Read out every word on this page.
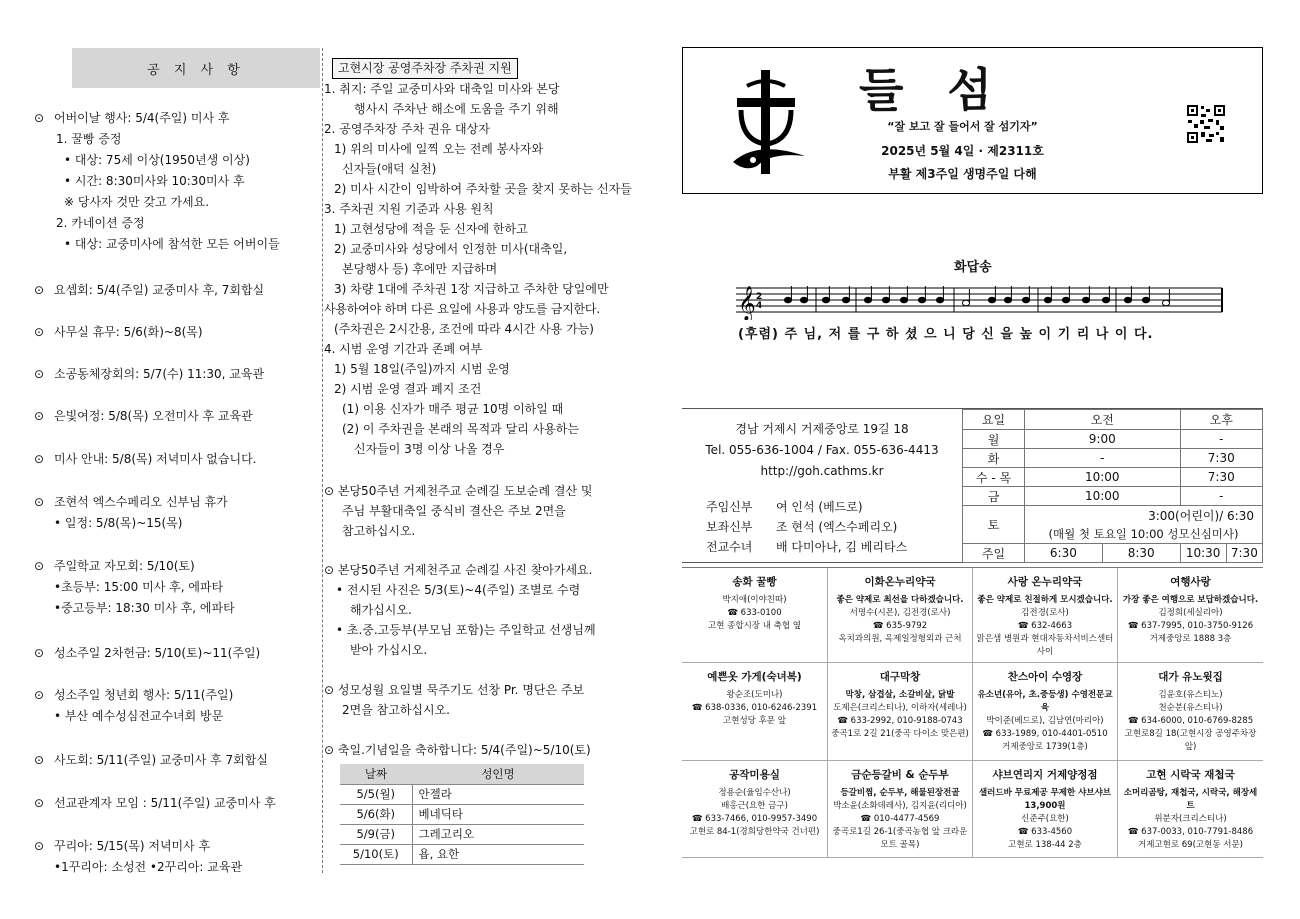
공 지 사 항
⊙ 어버이날 행사: 5/4(주일) 미사 후
1. 꿀빵 증정
• 대상: 75세 이상(1950년생 이상)
• 시간: 8:30미사와 10:30미사 후
※ 당사자 것만 갖고 가세요.
2. 카네이션 증정
• 대상: 교중미사에 참석한 모든 어버이들
⊙ 요셉회: 5/4(주일) 교중미사 후, 7회합실
⊙ 사무실 휴무: 5/6(화)~8(목)
⊙ 소공동체장회의: 5/7(수) 11:30, 교육관
⊙ 은빛여정: 5/8(목) 오전미사 후 교육관
⊙ 미사 안내: 5/8(목) 저녁미사 없습니다.
⊙ 조현석 엑스수페리오 신부님 휴가
• 일정: 5/8(목)~15(목)
⊙ 주일학교 자모회: 5/10(토)
•초등부: 15:00 미사 후, 에파타
•중고등부: 18:30 미사 후, 에파타
⊙ 성소주일 2차헌금: 5/10(토)~11(주일)
⊙ 성소주일 청년회 행사: 5/11(주일)
• 부산 예수성심전교수녀회 방문
⊙ 사도회: 5/11(주일) 교중미사 후 7회합실
⊙ 선교관계자 모임 : 5/11(주일) 교중미사 후
⊙ 꾸리아: 5/15(목) 저녁미사 후
•1꾸리아: 소성전 •2꾸리아: 교육관
고현시장 공영주차장 주차권 지원
1. 취지: 주일 교중미사와 대축일 미사와 본당
행사시 주차난 해소에 도움을 주기 위해
2. 공영주차장 주차 권유 대상자
1) 위의 미사에 일찍 오는 전례 봉사자와
신자들(애덕 실천)
2) 미사 시간이 임박하여 주차할 곳을 찾지 못하는 신자들
3. 주차권 지원 기준과 사용 원칙
1) 고현성당에 적을 둔 신자에 한하고
2) 교중미사와 성당에서 인정한 미사(대축일,
본당행사 등) 후에만 지급하며
3) 차량 1대에 주차권 1장 지급하고 주차한 당일에만
사용하여야 하며 다른 요일에 사용과 양도를 금지한다.
(주차권은 2시간용, 조건에 따라 4시간 사용 가능)
4. 시범 운영 기간과 존폐 여부
1) 5월 18일(주일)까지 시범 운영
2) 시범 운영 결과 폐지 조건
(1) 이용 신자가 매주 평균 10명 이하일 때
(2) 이 주차권을 본래의 목적과 달리 사용하는
신자들이 3명 이상 나올 경우
⊙ 본당50주년 거제천주교 순례길 도보순례 결산 및
주님 부활대축일 중식비 결산은 주보 2면을
참고하십시오.
⊙ 본당50주년 거제천주교 순례길 사진 찾아가세요.
• 전시된 사진은 5/3(토)~4(주일) 조별로 수령
해가십시오.
• 초.중.고등부(부모님 포함)는 주일학교 선생님께
받아 가십시오.
⊙ 성모성월 요일별 묵주기도 선창 Pr. 명단은 주보
2면을 참고하십시오.
⊙ 축일.기념일을 축하합니다: 5/4(주일)~5/10(토)
날짜	성인명
5/5(월)	안젤라
5/6(화)	베네딕타
5/9(금)	그레고리오
5/10(토)	욥, 요한
들 섬
“잘 보고 잘 들어서 잘 섬기자”
2025년 5월 4일 · 제2311호
부활 제3주일 생명주일 다해
화답송
𝄞 2
4
(후렴) 주 님, 저 를 구 하 셨 으 니 당 신 을 높 이 기 리 나 이 다.
경남 거제시 거제중앙로 19길 18
Tel. 055-636-1004 / Fax. 055-636-4413
http://goh.cathms.kr
주임신부	여 인석 (베드로)
보좌신부	조 현석 (엑스수페리오)
전교수녀	배 다미아나, 김 베리타스
요일	오전		오후	
월	9:00		-	
화	-		7:30	
수 - 목	10:00		7:30	
금	10:00		-	
토	3:00(어린이)/ 6:30			
	(매월 첫 토요일 10:00 성모신심미사)			
주일	6:30	8:30	10:30	7:30
송화 꿀빵
박지애(이야친따)
☎ 633-0100
고현 종합시장 내 축협 옆
이화온누리약국
좋은 약제로 최선을 다하겠습니다.
서명수(시몬), 김전경(로사)
☎ 635-9792
옥치과의원, 옥제일정형외과 근처
사랑 온누리약국
좋은 약제로 친절하게 모시겠습니다.
김전경(로사)
☎ 632-4663
맑은샘 병원과 현대자동차서비스센터 사이
여행사랑
가장 좋은 여행으로 보답하겠습니다.
김정희(세실리아)
☎ 637-7995, 010-3750-9126
거제중앙로 1888 3층
예쁜옷 가게(숙녀복)
왕순조(도미나)
☎ 638-0336, 010-6246-2391
고현성당 후문 앞
대구막창
막창, 삼겹살, 소갈비살, 닭발
도제은(크리스티나), 이하자(세레나)
☎ 633-2992, 010-9188-0743
중곡1로 2길 21(중곡 다이소 맞은편)
찬스아이 수영장
유소년(유아, 초.중등생) 수영전문교육
박이준(베드로), 김남연(마리아)
☎ 633-1989, 010-4401-0510
거제중앙로 1739(1층)
대가 유노윗집
김윤호(유스티노)
천순분(유스티나)
☎ 634-6000, 010-6769-8285
고현로8길 18(고현시장 공영주차장 앞)
공작미용실
정용순(율임수산나)
배홍근(요한 금구)
☎ 633-7466, 010-9957-3490
고현로 84-1(경희당한약국 건너편)
금순등갈비 & 순두부
등갈비찜, 순두부, 해물된장전골
박소윤(소화데레사), 김지윤(리디아)
☎ 010-4477-4569
중곡로1길 26-1(중곡농협 앞 크라운모트 골목)
샤브연리지 거제양정점
샐러드바 무료제공 무제한 샤브샤브 13,900원
신준주(요한)
☎ 633-4560
고현로 138-44 2층
고현 시락국 재첩국
소머리곰탕, 재첩국, 시락국, 해장세트
위분자(크리스티나)
☎ 637-0033, 010-7791-8486
거제고현로 69(고현동 서문)
